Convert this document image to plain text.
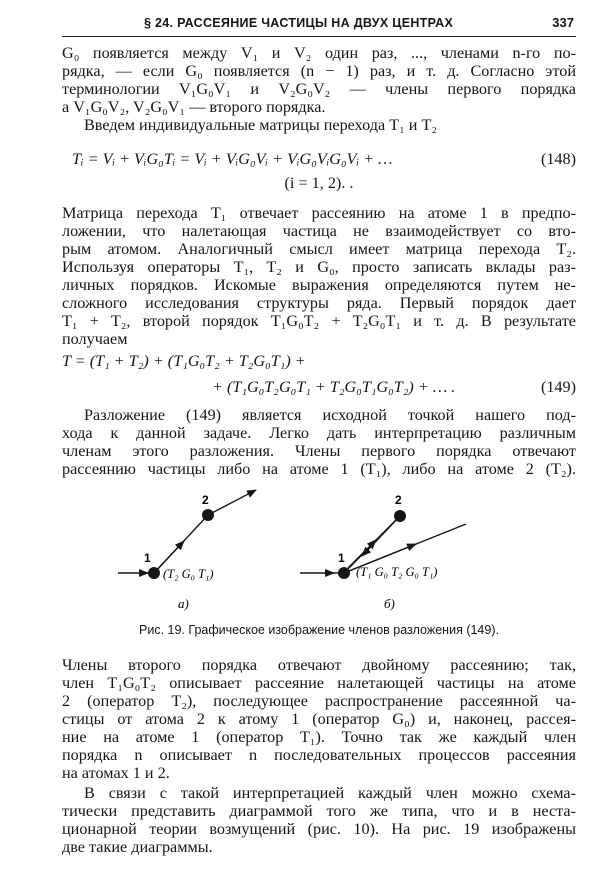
§ 24. РАССЕЯНИЕ ЧАСТИЦЫ НА ДВУХ ЦЕНТРАХ	337

G₀ появляется между V₁ и V₂ один раз, ..., членами n-го по-

рядка, — если G₀ появляется (n − 1) раз, и т. д. Согласно этой

терминологии V₁G₀V₁ и V₂G₀V₂ — члены первого порядка

а V₁G₀V₂, V₂G₀V₁ — второго порядка.

Введем индивидуальные матрицы перехода T₁ и T₂

Tᵢ = Vᵢ + VᵢG₀Tᵢ = Vᵢ + VᵢG₀Vᵢ + VᵢG₀VᵢG₀Vᵢ + …	(148)
(i = 1, 2). .

Матрица перехода T₁ отвечает рассеянию на атоме 1 в предпо-

ложении, что налетающая частица не взаимодействует со вто-

рым атомом. Аналогичный смысл имеет матрица перехода T₂.

Используя операторы T₁, T₂ и G₀, просто записать вклады раз-

личных порядков. Искомые выражения определяются путем не-

сложного исследования структуры ряда. Первый порядок дает

T₁ + T₂, второй порядок T₁G₀T₂ + T₂G₀T₁ и т. д. В результате

получаем

T = (T₁ + T₂) + (T₁G₀T₂ + T₂G₀T₁) +
+ (T₁G₀T₂G₀T₁ + T₂G₀T₁G₀T₂) + … .	(149)

Разложение (149) является исходной точкой нашего под-

хода к данной задаче. Легко дать интерпретацию различным

членам этого разложения. Члены первого порядка отвечают

рассеянию частицы либо на атоме 1 (T₁), либо на атоме 2 (T₂).

1
2
(T₂ G₀ T₁)
а)
1
2
(T₁ G₀ T₂ G₀ T₁)
б)
Рис. 19. Графическое изображение членов разложения (149).

Члены второго порядка отвечают двойному рассеянию; так,

член T₁G₀T₂ описывает рассеяние налетающей частицы на атоме

2 (оператор T₂), последующее распространение рассеянной ча-

стицы от атома 2 к атому 1 (оператор G₀) и, наконец, рассея-

ние на атоме 1 (оператор T₁). Точно так же каждый член

порядка n описывает n последовательных процессов рассеяния

на атомах 1 и 2.

В связи с такой интерпретацией каждый член можно схема-

тически представить диаграммой того же типа, что и в неста-

ционарной теории возмущений (рис. 10). На рис. 19 изображены

две такие диаграммы.
